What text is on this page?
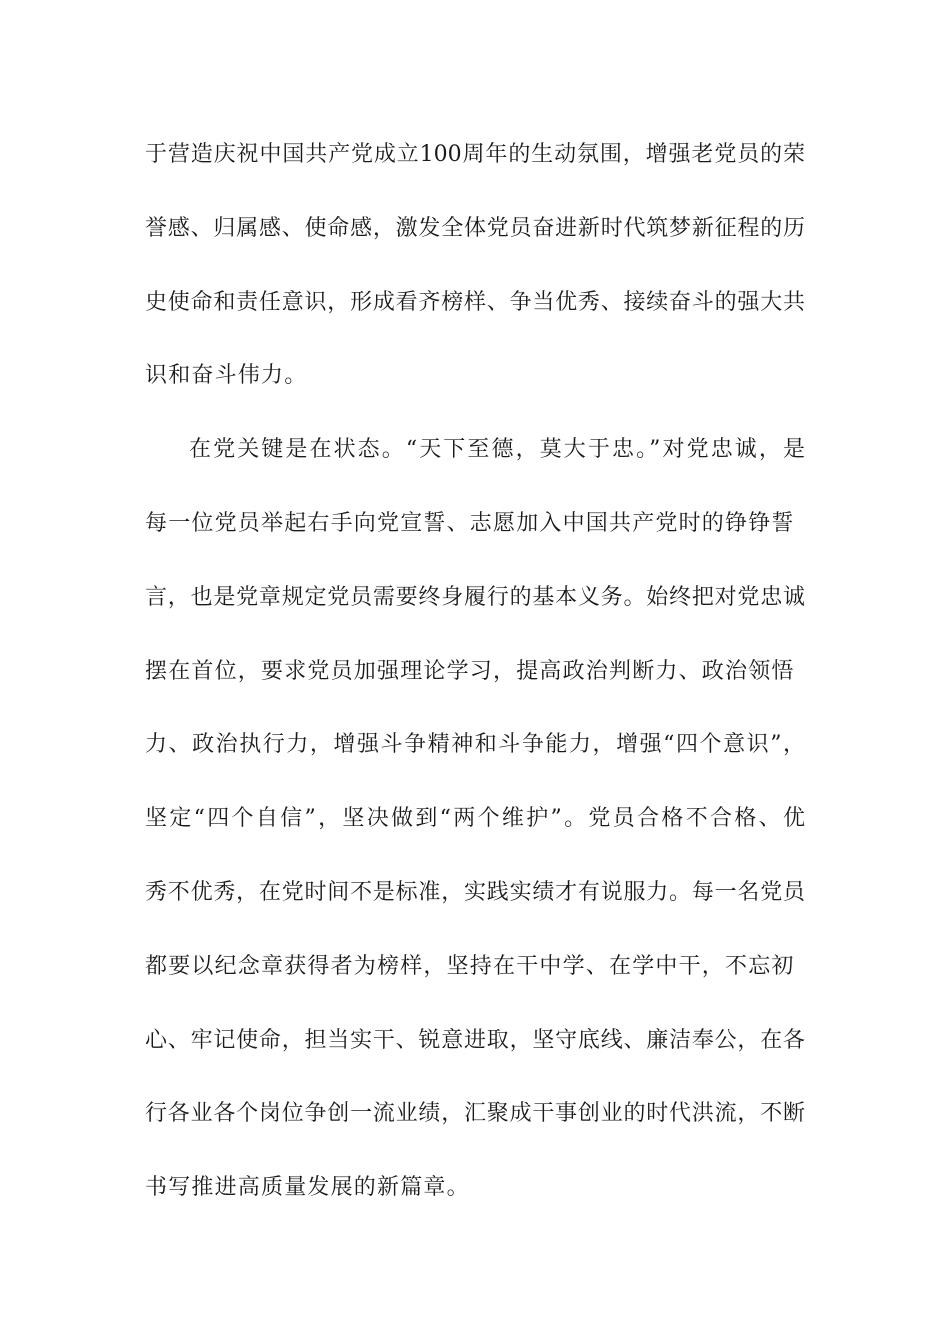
于营造庆祝中国共产党成立100周年的生动氛围，增强老党员的荣
誉感、归属感、使命感，激发全体党员奋进新时代筑梦新征程的历
史使命和责任意识，形成看齐榜样、争当优秀、接续奋斗的强大共
识和奋斗伟力。
在党关键是在状态。“天下至德，莫大于忠。”对党忠诚，是
每一位党员举起右手向党宣誓、志愿加入中国共产党时的铮铮誓
言，也是党章规定党员需要终身履行的基本义务。始终把对党忠诚
摆在首位，要求党员加强理论学习，提高政治判断力、政治领悟
力、政治执行力，增强斗争精神和斗争能力，增强“四个意识”，
坚定“四个自信”，坚决做到“两个维护”。党员合格不合格、优
秀不优秀，在党时间不是标准，实践实绩才有说服力。每一名党员
都要以纪念章获得者为榜样，坚持在干中学、在学中干，不忘初
心、牢记使命，担当实干、锐意进取，坚守底线、廉洁奉公，在各
行各业各个岗位争创一流业绩，汇聚成干事创业的时代洪流，不断
书写推进高质量发展的新篇章。
